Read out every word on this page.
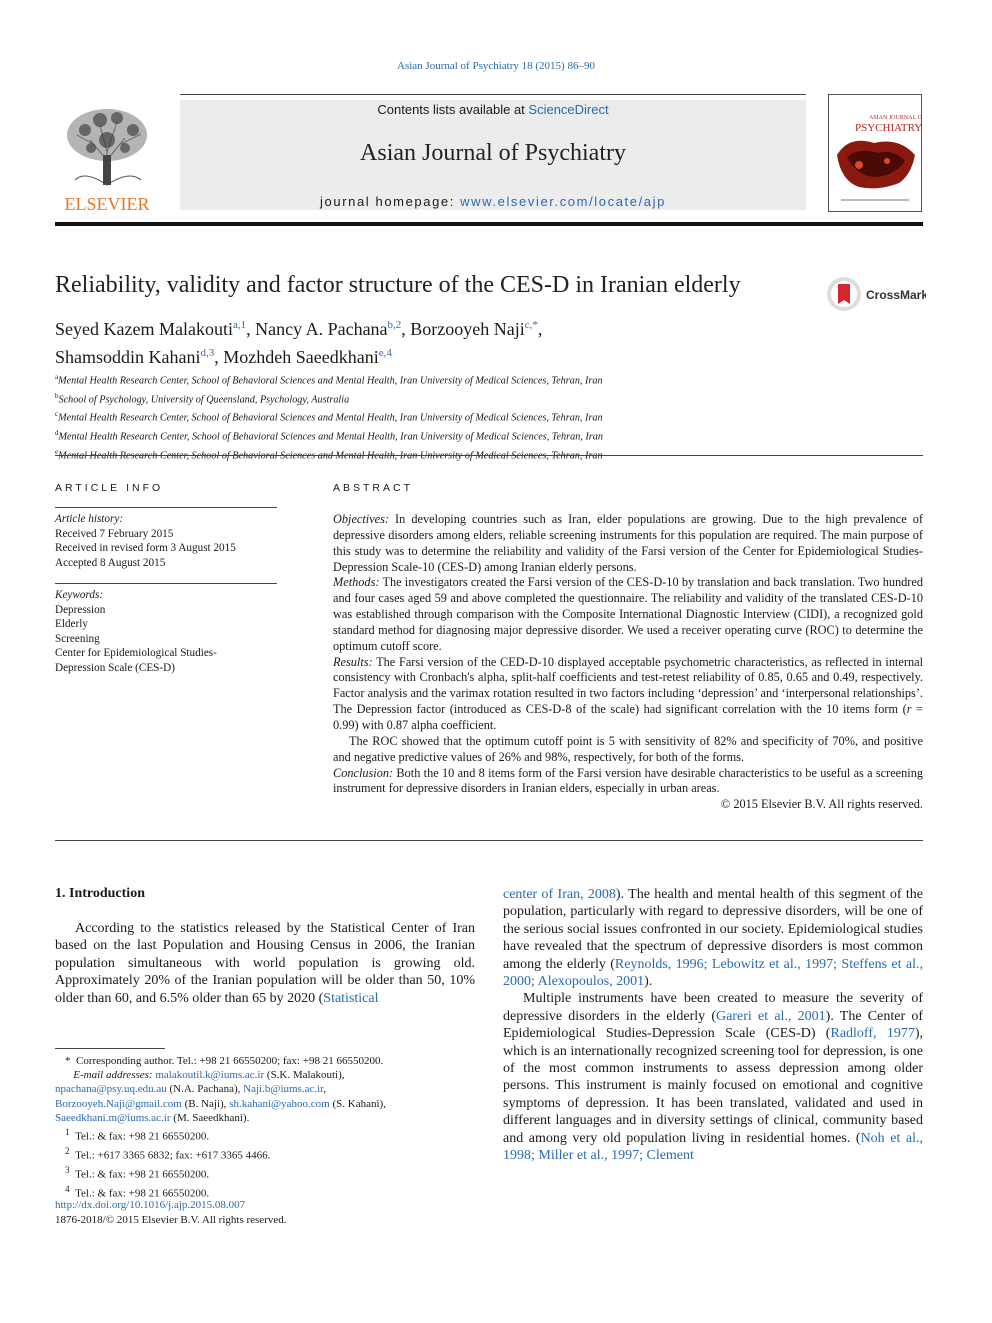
Asian Journal of Psychiatry 18 (2015) 86–90
Contents lists available at ScienceDirect
Asian Journal of Psychiatry
journal homepage: www.elsevier.com/locate/ajp
ELSEVIER
ASIAN JOURNAL OF
PSYCHIATRY
Reliability, validity and factor structure of the CES-D in Iranian elderly	CrossMark
Seyed Kazem Malakouti$^{a,1}$, Nancy A. Pachana$^{b,2}$, Borzooyeh Naji$^{c,*}$,
Shamsoddin Kahani$^{d,3}$, Mozhdeh Saeedkhani$^{e,4}$
$^a$Mental Health Research Center, School of Behavioral Sciences and Mental Health, Iran University of Medical Sciences, Tehran, Iran
$^b$School of Psychology, University of Queensland, Psychology, Australia
$^c$Mental Health Research Center, School of Behavioral Sciences and Mental Health, Iran University of Medical Sciences, Tehran, Iran
$^d$Mental Health Research Center, School of Behavioral Sciences and Mental Health, Iran University of Medical Sciences, Tehran, Iran
$^e$Mental Health Research Center, School of Behavioral Sciences and Mental Health, Iran University of Medical Sciences, Tehran, Iran
ARTICLE INFO	ABSTRACT
Article history:
Received 7 February 2015
Received in revised form 3 August 2015
Accepted 8 August 2015
Keywords:
Depression
Elderly
Screening
Center for Epidemiological Studies-
Depression Scale (CES-D)

Objectives: In developing countries such as Iran, elder populations are growing. Due to the high prevalence of depressive disorders among elders, reliable screening instruments for this population are required. The main purpose of this study was to determine the reliability and validity of the Farsi version of the Center for Epidemiological Studies-Depression Scale-10 (CES-D) among Iranian elderly persons.

Methods: The investigators created the Farsi version of the CES-D-10 by translation and back translation. Two hundred and four cases aged 59 and above completed the questionnaire. The reliability and validity of the translated CES-D-10 was established through comparison with the Composite International Diagnostic Interview (CIDI), a recognized gold standard method for diagnosing major depressive disorder. We used a receiver operating curve (ROC) to determine the optimum cutoff score.

Results: The Farsi version of the CED-D-10 displayed acceptable psychometric characteristics, as reflected in internal consistency with Cronbach's alpha, split-half coefficients and test-retest reliability of 0.85, 0.65 and 0.49, respectively. Factor analysis and the varimax rotation resulted in two factors including ‘depression’ and ‘interpersonal relationships’. The Depression factor (introduced as CES-D-8 of the scale) had significant correlation with the 10 items form (r = 0.99) with 0.87 alpha coefficient.

The ROC showed that the optimum cutoff point is 5 with sensitivity of 82% and specificity of 70%, and positive and negative predictive values of 26% and 98%, respectively, for both of the forms.

Conclusion: Both the 10 and 8 items form of the Farsi version have desirable characteristics to be useful as a screening instrument for depressive disorders in Iranian elders, especially in urban areas.

© 2015 Elsevier B.V. All rights reserved.

1. Introduction

According to the statistics released by the Statistical Center of Iran based on the last Population and Housing Census in 2006, the Iranian population simultaneous with world population is growing old. Approximately 20% of the Iranian population will be older than 50, 10% older than 60, and 6.5% older than 65 by 2020 (Statistical

center of Iran, 2008). The health and mental health of this segment of the population, particularly with regard to depressive disorders, will be one of the serious social issues confronted in our society. Epidemiological studies have revealed that the spectrum of depressive disorders is most common among the elderly (Reynolds, 1996; Lebowitz et al., 1997; Steffens et al., 2000; Alexopoulos, 2001).

Multiple instruments have been created to measure the severity of depressive disorders in the elderly (Gareri et al., 2001). The Center of Epidemiological Studies-Depression Scale (CES-D) (Radloff, 1977), which is an internationally recognized screening tool for depression, is one of the most common instruments to assess depression among older persons. This instrument is mainly focused on emotional and cognitive symptoms of depression. It has been translated, validated and used in different languages and in diversity settings of clinical, community based and among very old population living in residential homes. (Noh et al., 1998; Miller et al., 1997; Clement

*  Corresponding author. Tel.: +98 21 66550200; fax: +98 21 66550200.
E-mail addresses: malakoutil.k@iums.ac.ir (S.K. Malakouti),
npachana@psy.uq.edu.au (N.A. Pachana), Naji.b@iums.ac.ir,
Borzooyeh.Naji@gmail.com (B. Naji), sh.kahani@yahoo.com (S. Kahani),
Saeedkhani.m@iums.ac.ir (M. Saeedkhani).
$^1$ Tel.: & fax: +98 21 66550200.
$^2$ Tel.: +617 3365 6832; fax: +617 3365 4466.
$^3$ Tel.: & fax: +98 21 66550200.
$^4$ Tel.: & fax: +98 21 66550200.
http://dx.doi.org/10.1016/j.ajp.2015.08.007
1876-2018/© 2015 Elsevier B.V. All rights reserved.
